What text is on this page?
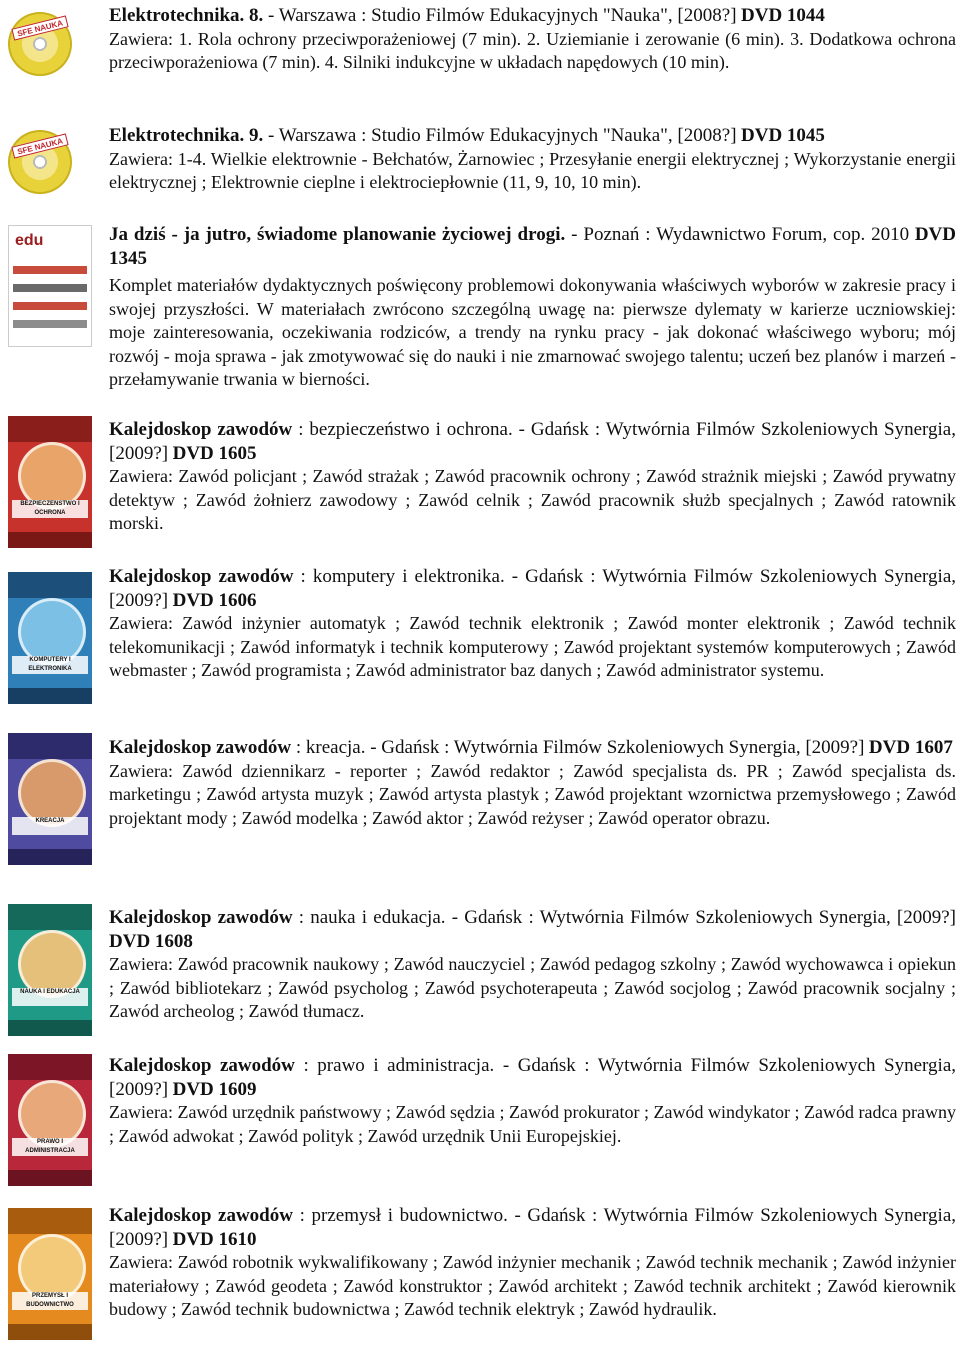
SFE NAUKA
Elektrotechnika. 8. - Warszawa : Studio Filmów Edukacyjnych "Nauka", [2008?] DVD 1044
Zawiera: 1. Rola ochrony przeciwporażeniowej (7 min). 2. Uziemianie i zerowanie (6 min). 3. Dodatkowa ochrona przeciwporażeniowa (7 min). 4. Silniki indukcyjne w układach napędowych (10 min).
SFE NAUKA
Elektrotechnika. 9. - Warszawa : Studio Filmów Edukacyjnych "Nauka", [2008?] DVD 1045
Zawiera: 1-4. Wielkie elektrownie - Bełchatów, Żarnowiec ; Przesyłanie energii elektrycznej ; Wykorzystanie energii elektrycznej ; Elektrownie cieplne i elektrociepłownie (11, 9, 10, 10 min).
edu	Ja dziś - ja jutro, świadome planowanie życiowej drogi. - Poznań : Wydawnictwo Forum, cop. 2010 DVD 1345
Komplet materiałów dydaktycznych poświęcony problemowi dokonywania właściwych wyborów w zakresie pracy i swojej przyszłości. W materiałach zwrócono szczególną uwagę na: pierwsze dylematy w karierze uczniowskiej: moje zainteresowania, oczekiwania rodziców, a trendy na rynku pracy - jak dokonać właściwego wyboru; mój rozwój - moja sprawa - jak zmotywować się do nauki i nie zmarnować swojego talentu; uczeń bez planów i marzeń - przełamywanie trwania w bierności.
BEZPIECZEŃSTWO I OCHRONA
Kalejdoskop zawodów : bezpieczeństwo i ochrona. - Gdańsk : Wytwórnia Filmów Szkoleniowych Synergia, [2009?] DVD 1605
Zawiera: Zawód policjant ; Zawód strażak ; Zawód pracownik ochrony ; Zawód strażnik miejski ; Zawód prywatny detektyw ; Zawód żołnierz zawodowy ; Zawód celnik ; Zawód pracownik służb specjalnych ; Zawód ratownik morski.
KOMPUTERY I ELEKTRONIKA
Kalejdoskop zawodów : komputery i elektronika. - Gdańsk : Wytwórnia Filmów Szkoleniowych Synergia, [2009?] DVD 1606
Zawiera: Zawód inżynier automatyk ; Zawód technik elektronik ; Zawód monter elektronik ; Zawód technik telekomunikacji ; Zawód informatyk i technik komputerowy ; Zawód projektant systemów komputerowych ; Zawód webmaster ; Zawód programista ; Zawód administrator baz danych ; Zawód administrator systemu.
KREACJA
Kalejdoskop zawodów : kreacja. - Gdańsk : Wytwórnia Filmów Szkoleniowych Synergia, [2009?] DVD 1607
Zawiera: Zawód dziennikarz - reporter ; Zawód redaktor ; Zawód specjalista ds. PR ; Zawód specjalista ds. marketingu ; Zawód artysta muzyk ; Zawód artysta plastyk ; Zawód projektant wzornictwa przemysłowego ; Zawód projektant mody ; Zawód modelka ; Zawód aktor ; Zawód reżyser ; Zawód operator obrazu.
NAUKA I EDUKACJA
Kalejdoskop zawodów : nauka i edukacja. - Gdańsk : Wytwórnia Filmów Szkoleniowych Synergia, [2009?] DVD 1608
Zawiera: Zawód pracownik naukowy ; Zawód nauczyciel ; Zawód pedagog szkolny ; Zawód wychowawca i opiekun ; Zawód bibliotekarz ; Zawód psycholog ; Zawód psychoterapeuta ; Zawód socjolog ; Zawód pracownik socjalny ; Zawód archeolog ; Zawód tłumacz.
PRAWO I ADMINISTRACJA
Kalejdoskop zawodów : prawo i administracja. - Gdańsk : Wytwórnia Filmów Szkoleniowych Synergia, [2009?] DVD 1609
Zawiera: Zawód urzędnik państwowy ; Zawód sędzia ; Zawód prokurator ; Zawód windykator ; Zawód radca prawny ; Zawód adwokat ; Zawód polityk ; Zawód urzędnik Unii Europejskiej.
PRZEMYSŁ I BUDOWNICTWO
Kalejdoskop zawodów : przemysł i budownictwo. - Gdańsk : Wytwórnia Filmów Szkoleniowych Synergia, [2009?] DVD 1610
Zawiera: Zawód robotnik wykwalifikowany ; Zawód inżynier mechanik ; Zawód technik mechanik ; Zawód inżynier materiałowy ; Zawód geodeta ; Zawód konstruktor ; Zawód architekt ; Zawód technik architekt ; Zawód kierownik budowy ; Zawód technik budownictwa ; Zawód technik elektryk ; Zawód hydraulik.
